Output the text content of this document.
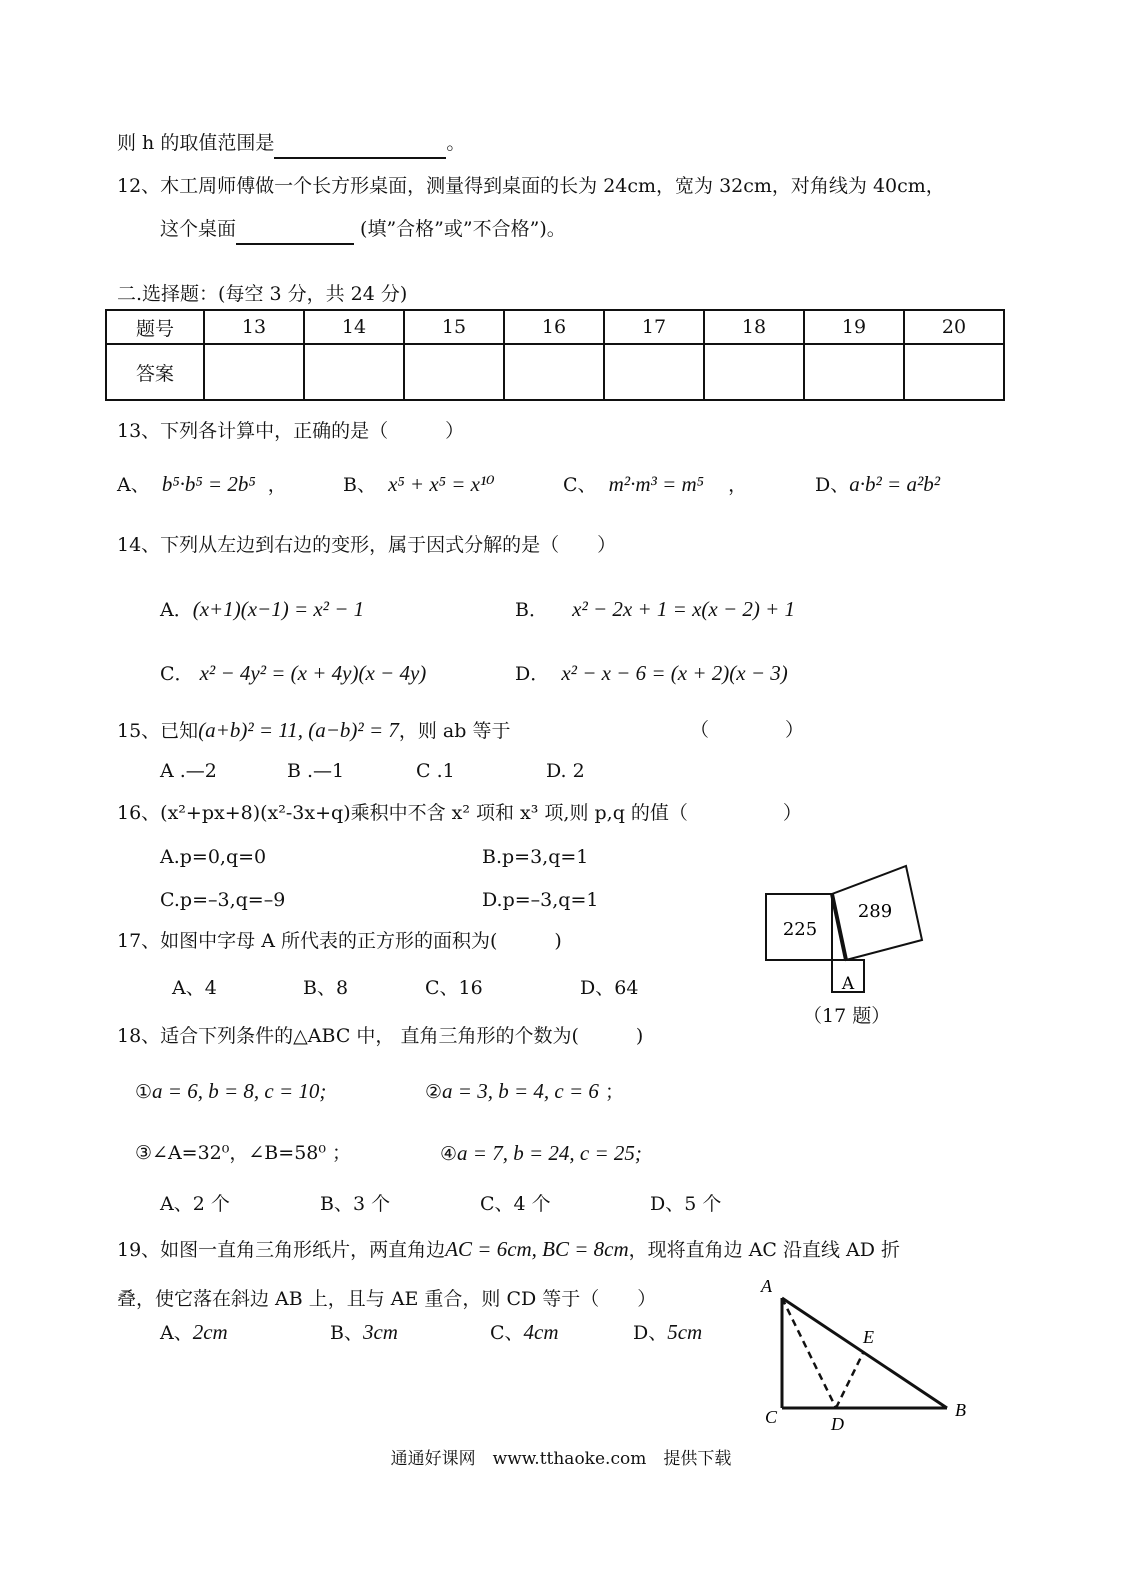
则 h 的取值范围是	。
12、木工周师傅做一个长方形桌面，测量得到桌面的长为 24cm，宽为 32cm，对角线为 40cm，
这个桌面	(填”合格”或”不合格”)。
二.选择题：(每空 3 分，共 24 分)
题号	13	14	15	16	17	18	19	20
答案								
13、下列各计算中，正确的是（　　　）
A、 b⁵·b⁵ = 2b⁵ ，	B、 x⁵ + x⁵ = x¹⁰	C、 m²·m³ = m⁵ ，	D、a·b² = a²b²
14、下列从左边到右边的变形，属于因式分解的是（　　）
A．(x+1)(x−1) = x² − 1	B． x² − 2x + 1 = x(x − 2) + 1
C． x² − 4y² = (x + 4y)(x − 4y)	D． x² − x − 6 = (x + 2)(x − 3)
15、已知(a+b)² = 11, (a−b)² = 7，则 ab 等于	（　　　　）
A .—2	B .—1	C .1	D. 2
16、(x²+px+8)(x²-3x+q)乘积中不含 x² 项和 x³ 项,则 p,q 的值（　　　　　）
A.p=0,q=0	B.p=3,q=1
C.p=–3,q=–9	D.p=–3,q=1
17、如图中字母 A 所代表的正方形的面积为(　　　)
A、4	B、8	C、16	D、64
225
289
A
（17 题）
18、适合下列条件的△ABC 中， 直角三角形的个数为(　　　)
①a = 6, b = 8, c = 10;	②a = 3, b = 4, c = 6 ；
③∠A=32⁰，∠B=58⁰ ；	④a = 7, b = 24, c = 25;
A、2 个	B、3 个	C、4 个	D、5 个
19、如图一直角三角形纸片，两直角边AC = 6cm, BC = 8cm，现将直角边 AC 沿直线 AD 折
叠，使它落在斜边 AB 上，且与 AE 重合，则 CD 等于（　　）
A、2cm	B、3cm	C、4cm	D、5cm
A
B
C	D
E
通通好课网　www.tthaoke.com　提供下载
